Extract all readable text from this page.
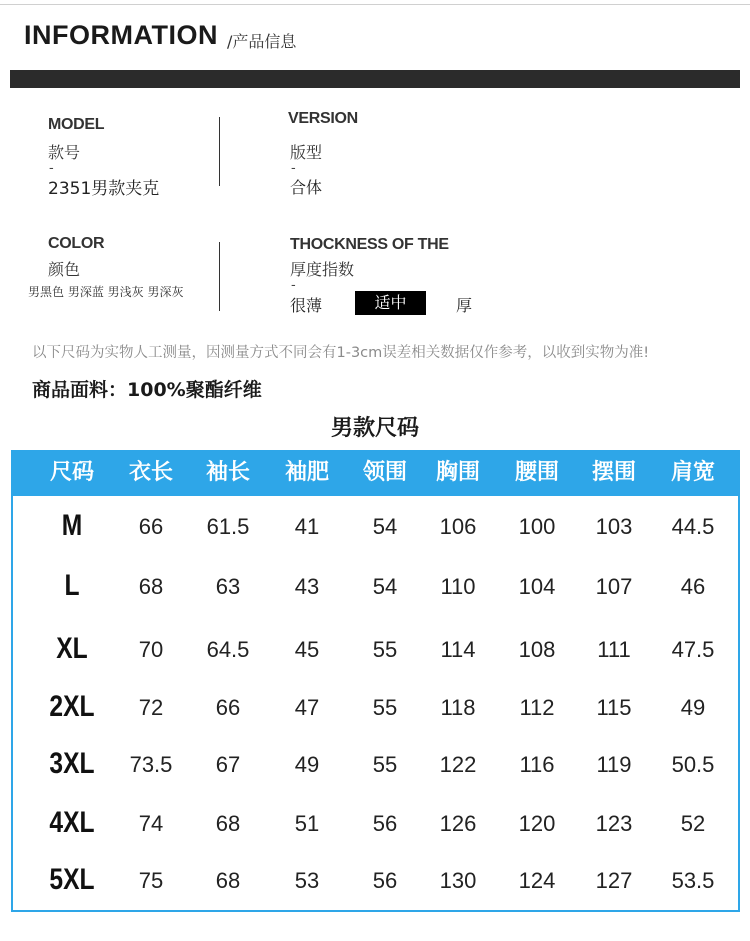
INFORMATION /产品信息
MODEL
款号
-
2351男款夹克
VERSION
版型
-
合体
COLOR
颜色
男黑色 男深蓝 男浅灰 男深灰
THOCKNESS OF THE
厚度指数
-
很薄	适中	厚
以下尺码为实物人工测量，因测量方式不同会有1-3cm误差相关数据仅作参考，以收到实物为准!
商品面料：100%聚酯纤维
男款尺码
尺码	衣长	袖长	袖肥	领围	胸围	腰围	摆围	肩宽
M	66	61.5	41	54	106	100	103	44.5
L	68	63	43	54	110	104	107	46
XL	70	64.5	45	55	114	108	111	47.5
2XL	72	66	47	55	118	112	115	49
3XL	73.5	67	49	55	122	116	119	50.5
4XL	74	68	51	56	126	120	123	52
5XL	75	68	53	56	130	124	127	53.5
